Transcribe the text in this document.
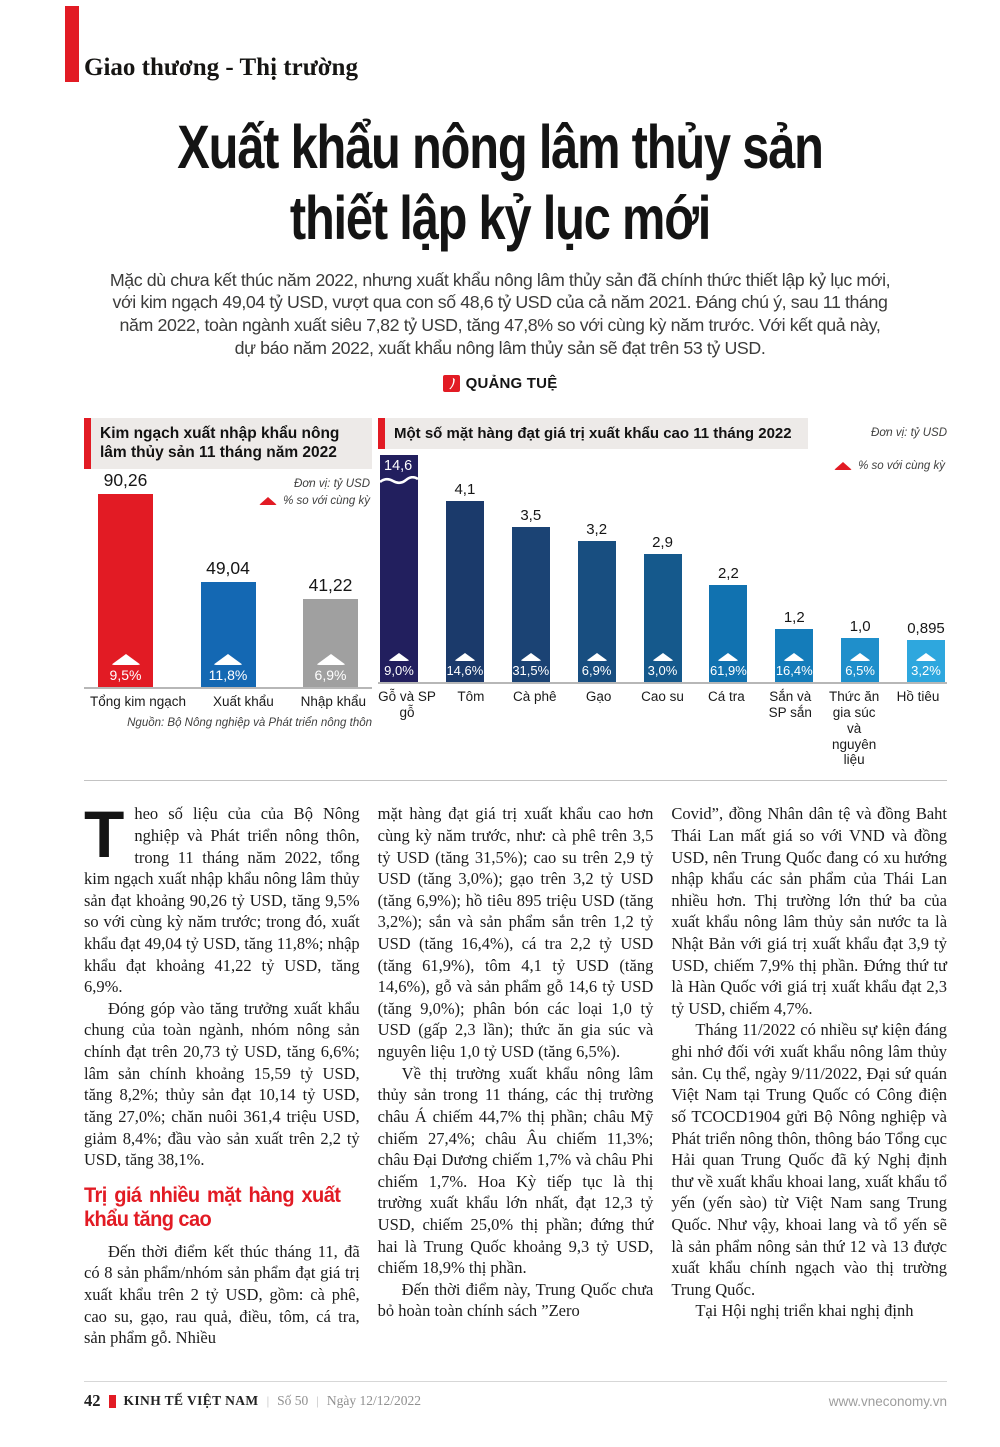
Giao thương - Thị trường
Xuất khẩu nông lâm thủy sản
thiết lập kỷ lục mới

Mặc dù chưa kết thúc năm 2022, nhưng xuất khẩu nông lâm thủy sản đã chính thức thiết lập kỷ lục mới, với kim ngạch 49,04 tỷ USD, vượt qua con số 48,6 tỷ USD của cả năm 2021. Đáng chú ý, sau 11 tháng năm 2022, toàn ngành xuất siêu 7,82 tỷ USD, tăng 47,8% so với cùng kỳ năm trước. Với kết quả này, dự báo năm 2022, xuất khẩu nông lâm thủy sản sẽ đạt trên 53 tỷ USD.

QUẢNG TUỆ
Kim ngạch xuất nhập khẩu nông lâm thủy sản 11 tháng năm 2022
Đơn vị: tỷ USD
% so với cùng kỳ
90,26
9,5%
49,04
11,8%
41,22
6,9%
Tổng kim ngạch Xuất khẩu Nhập khẩu
Nguồn: Bộ Nông nghiệp và Phát triển nông thôn
Một số mặt hàng đạt giá trị xuất khẩu cao 11 tháng 2022	Đơn vị: tỷ USD
% so với cùng kỳ
9,0%
14,6
4,1
14,6%
3,5
31,5%
3,2
6,9%
2,9
3,0%
2,2
61,9%
1,2
16,4%
1,0
6,5%
0,895
3,2%
Gỗ và SP gỗ
Tôm	Cà phê	Gạo	Cao su	Cá tra	Sắn và SP sắn
Thức ăn gia súc và nguyên liệu
Hồ tiêu

Theo số liệu của của Bộ Nông nghiệp và Phát triển nông thôn, trong 11 tháng năm 2022, tổng kim ngạch xuất nhập khẩu nông lâm thủy sản đạt khoảng 90,26 tỷ USD, tăng 9,5% so với cùng kỳ năm trước; trong đó, xuất khẩu đạt 49,04 tỷ USD, tăng 11,8%; nhập khẩu đạt khoảng 41,22 tỷ USD, tăng 6,9%.

Đóng góp vào tăng trưởng xuất khẩu chung của toàn ngành, nhóm nông sản chính đạt trên 20,73 tỷ USD, tăng 6,6%; lâm sản chính khoảng 15,59 tỷ USD, tăng 8,2%; thủy sản đạt 10,14 tỷ USD, tăng 27,0%; chăn nuôi 361,4 triệu USD, giảm 8,4%; đầu vào sản xuất trên 2,2 tỷ USD, tăng 38,1%.

Trị giá nhiều mặt hàng xuất khẩu tăng cao

Đến thời điểm kết thúc tháng 11, đã có 8 sản phẩm/nhóm sản phẩm đạt giá trị xuất khẩu trên 2 tỷ USD, gồm: cà phê, cao su, gạo, rau quả, điều, tôm, cá tra, sản phẩm gỗ. Nhiều

mặt hàng đạt giá trị xuất khẩu cao hơn cùng kỳ năm trước, như: cà phê trên 3,5 tỷ USD (tăng 31,5%); cao su trên 2,9 tỷ USD (tăng 3,0%); gạo trên 3,2 tỷ USD (tăng 6,9%); hồ tiêu 895 triệu USD (tăng 3,2%); sắn và sản phẩm sắn trên 1,2 tỷ USD (tăng 16,4%), cá tra 2,2 tỷ USD (tăng 61,9%), tôm 4,1 tỷ USD (tăng 14,6%), gỗ và sản phẩm gỗ 14,6 tỷ USD (tăng 9,0%); phân bón các loại 1,0 tỷ USD (gấp 2,3 lần); thức ăn gia súc và nguyên liệu 1,0 tỷ USD (tăng 6,5%).

Về thị trường xuất khẩu nông lâm thủy sản trong 11 tháng, các thị trường châu Á chiếm 44,7% thị phần; châu Mỹ chiếm 27,4%; châu Âu chiếm 11,3%; châu Đại Dương chiếm 1,7% và châu Phi chiếm 1,7%. Hoa Kỳ tiếp tục là thị trường xuất khẩu lớn nhất, đạt 12,3 tỷ USD, chiếm 25,0% thị phần; đứng thứ hai là Trung Quốc khoảng 9,3 tỷ USD, chiếm 18,9% thị phần.

Đến thời điểm này, Trung Quốc chưa bỏ hoàn toàn chính sách ”Zero

Covid”, đồng Nhân dân tệ và đồng Baht Thái Lan mất giá so với VND và đồng USD, nên Trung Quốc đang có xu hướng nhập khẩu các sản phẩm của Thái Lan nhiều hơn. Thị trường lớn thứ ba của xuất khẩu nông lâm thủy sản nước ta là Nhật Bản với giá trị xuất khẩu đạt 3,9 tỷ USD, chiếm 7,9% thị phần. Đứng thứ tư là Hàn Quốc với giá trị xuất khẩu đạt 2,3 tỷ USD, chiếm 4,7%.

Tháng 11/2022 có nhiều sự kiện đáng ghi nhớ đối với xuất khẩu nông lâm thủy sản. Cụ thể, ngày 9/11/2022, Đại sứ quán Việt Nam tại Trung Quốc có Công điện số TCOCD1904 gửi Bộ Nông nghiệp và Phát triển nông thôn, thông báo Tổng cục Hải quan Trung Quốc đã ký Nghị định thư về xuất khẩu khoai lang, xuất khẩu tổ yến (yến sào) từ Việt Nam sang Trung Quốc. Như vậy, khoai lang và tổ yến sẽ là sản phẩm nông sản thứ 12 và 13 được xuất khẩu chính ngạch vào thị trường Trung Quốc.

Tại Hội nghị triển khai nghị định

42 KINH TẾ VIỆT NAM | Số 50 | Ngày 12/12/2022	www.vneconomy.vn
